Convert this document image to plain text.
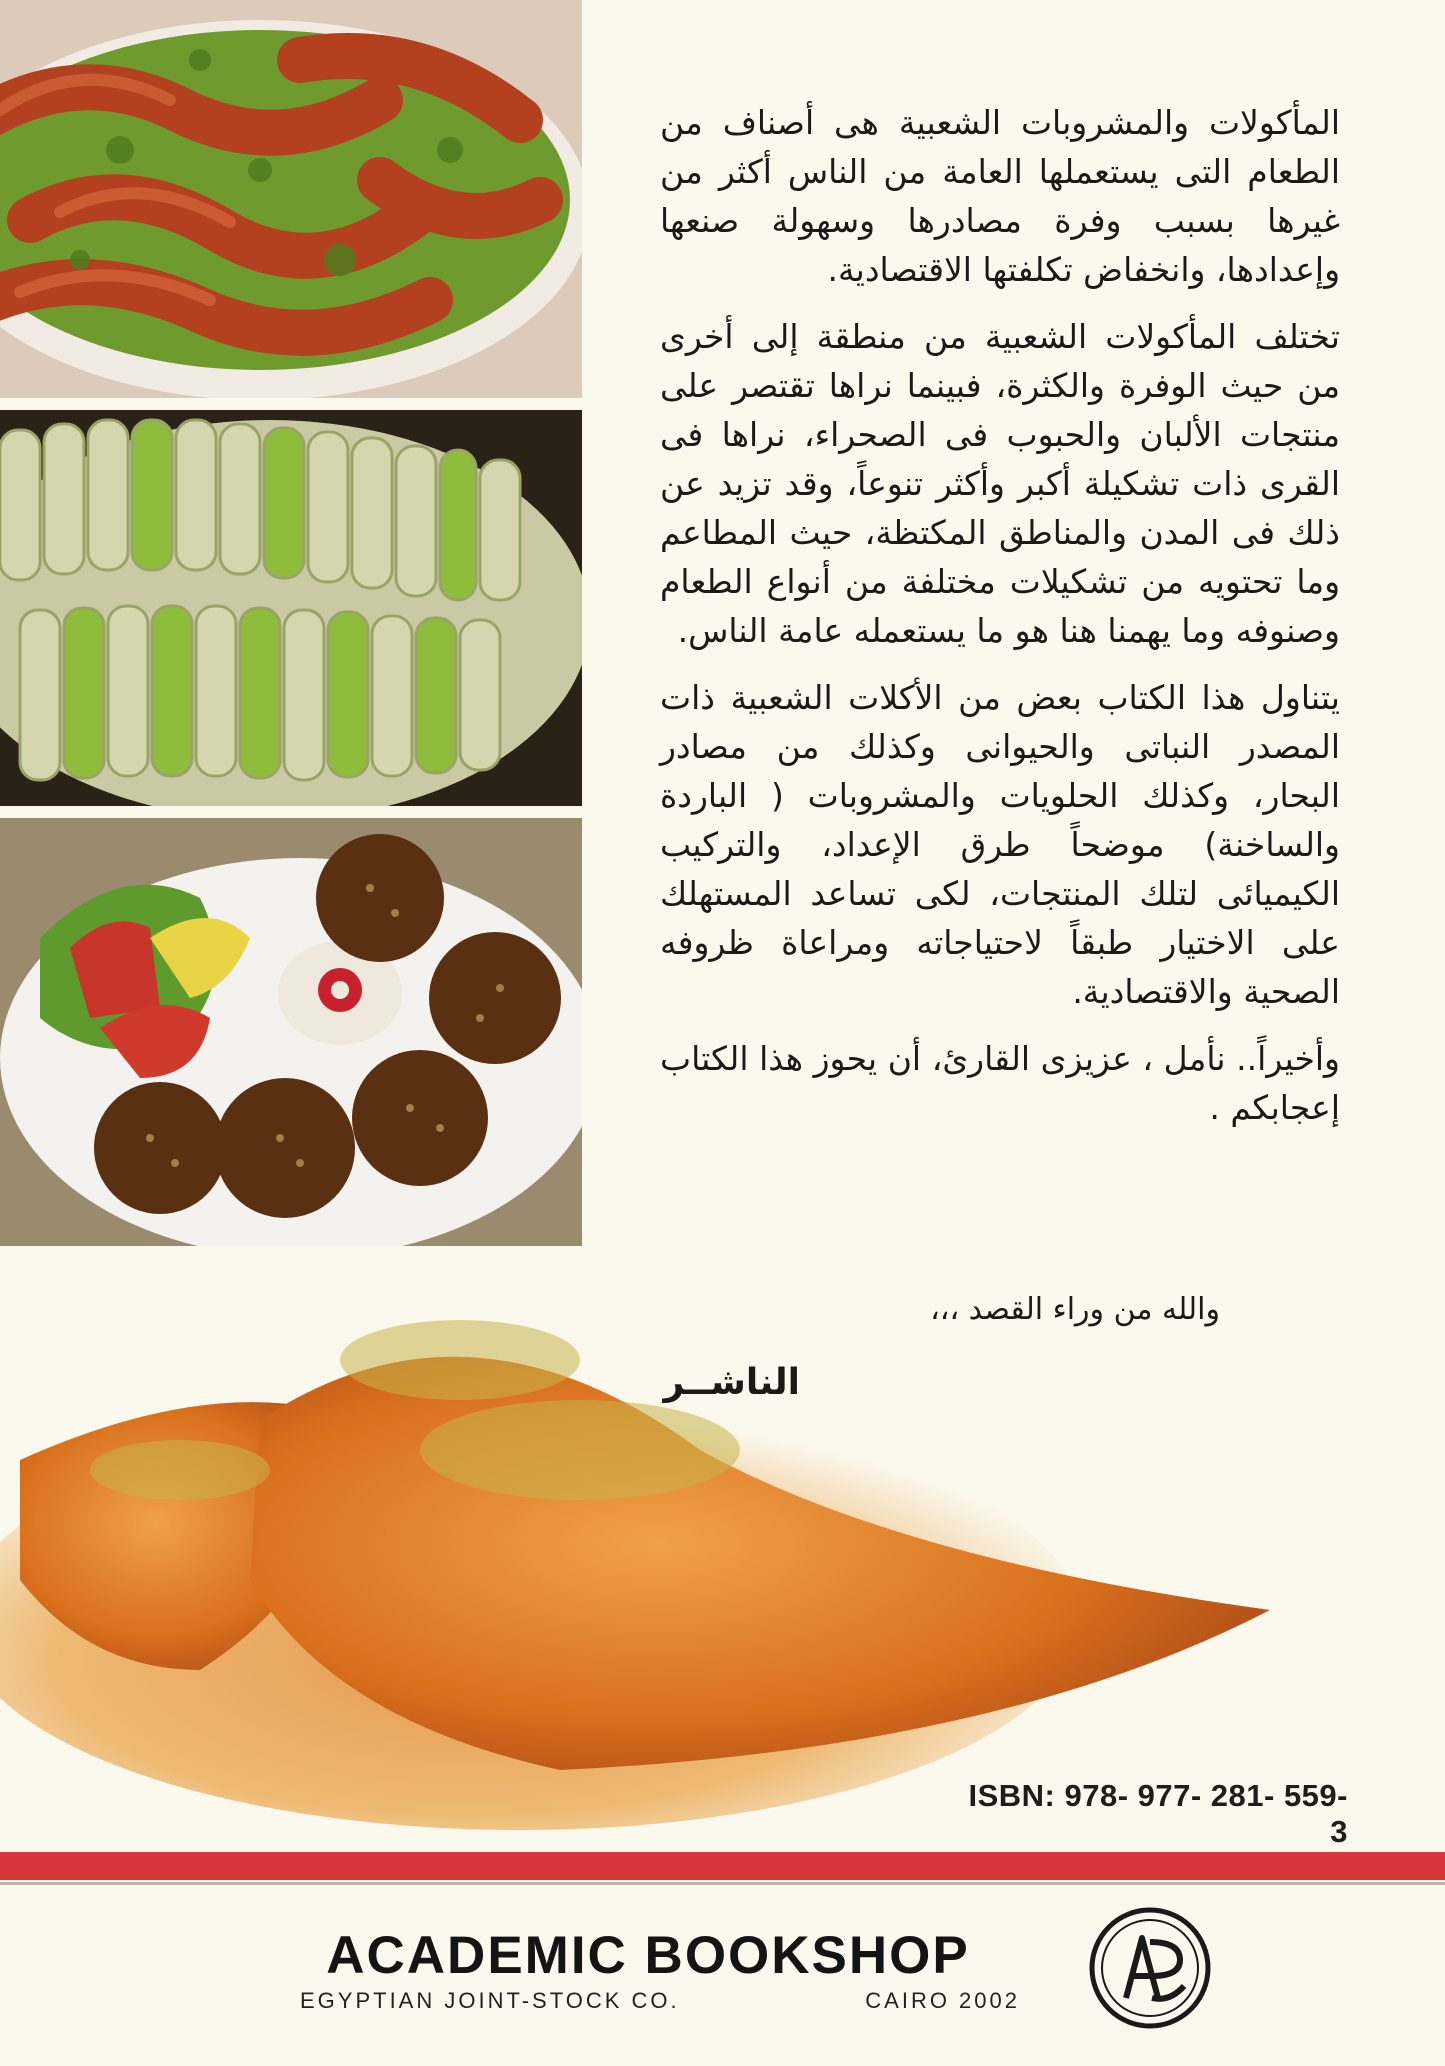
المأكولات والمشروبات الشعبية هى أصناف من الطعام التى يستعملها العامة من الناس أكثر من غيرها بسبب وفرة مصادرها وسهولة صنعها وإعدادها، وانخفاض تكلفتها الاقتصادية.

تختلف المأكولات الشعبية من منطقة إلى أخرى من حيث الوفرة والكثرة، فبينما نراها تقتصر على منتجات الألبان والحبوب فى الصحراء، نراها فى القرى ذات تشكيلة أكبر وأكثر تنوعاً، وقد تزيد عن ذلك فى المدن والمناطق المكتظة، حيث المطاعم وما تحتويه من تشكيلات مختلفة من أنواع الطعام وصنوفه وما يهمنا هنا هو ما يستعمله عامة الناس.

يتناول هذا الكتاب بعض من الأكلات الشعبية ذات المصدر النباتى والحيوانى وكذلك من مصادر البحار، وكذلك الحلويات والمشروبات ( الباردة والساخنة) موضحاً طرق الإعداد، والتركيب الكيميائى لتلك المنتجات، لكى تساعد المستهلك على الاختيار طبقاً لاحتياجاته ومراعاة ظروفه الصحية والاقتصادية.

وأخيراً.. نأمل ، عزيزى القارئ، أن يحوز هذا الكتاب إعجابكم .

والله من وراء القصد ،،،
الناشــر
ISBN: 978- 977- 281- 559- 3
ACADEMIC BOOKSHOP
EGYPTIAN JOINT-STOCK CO.	CAIRO 2002
